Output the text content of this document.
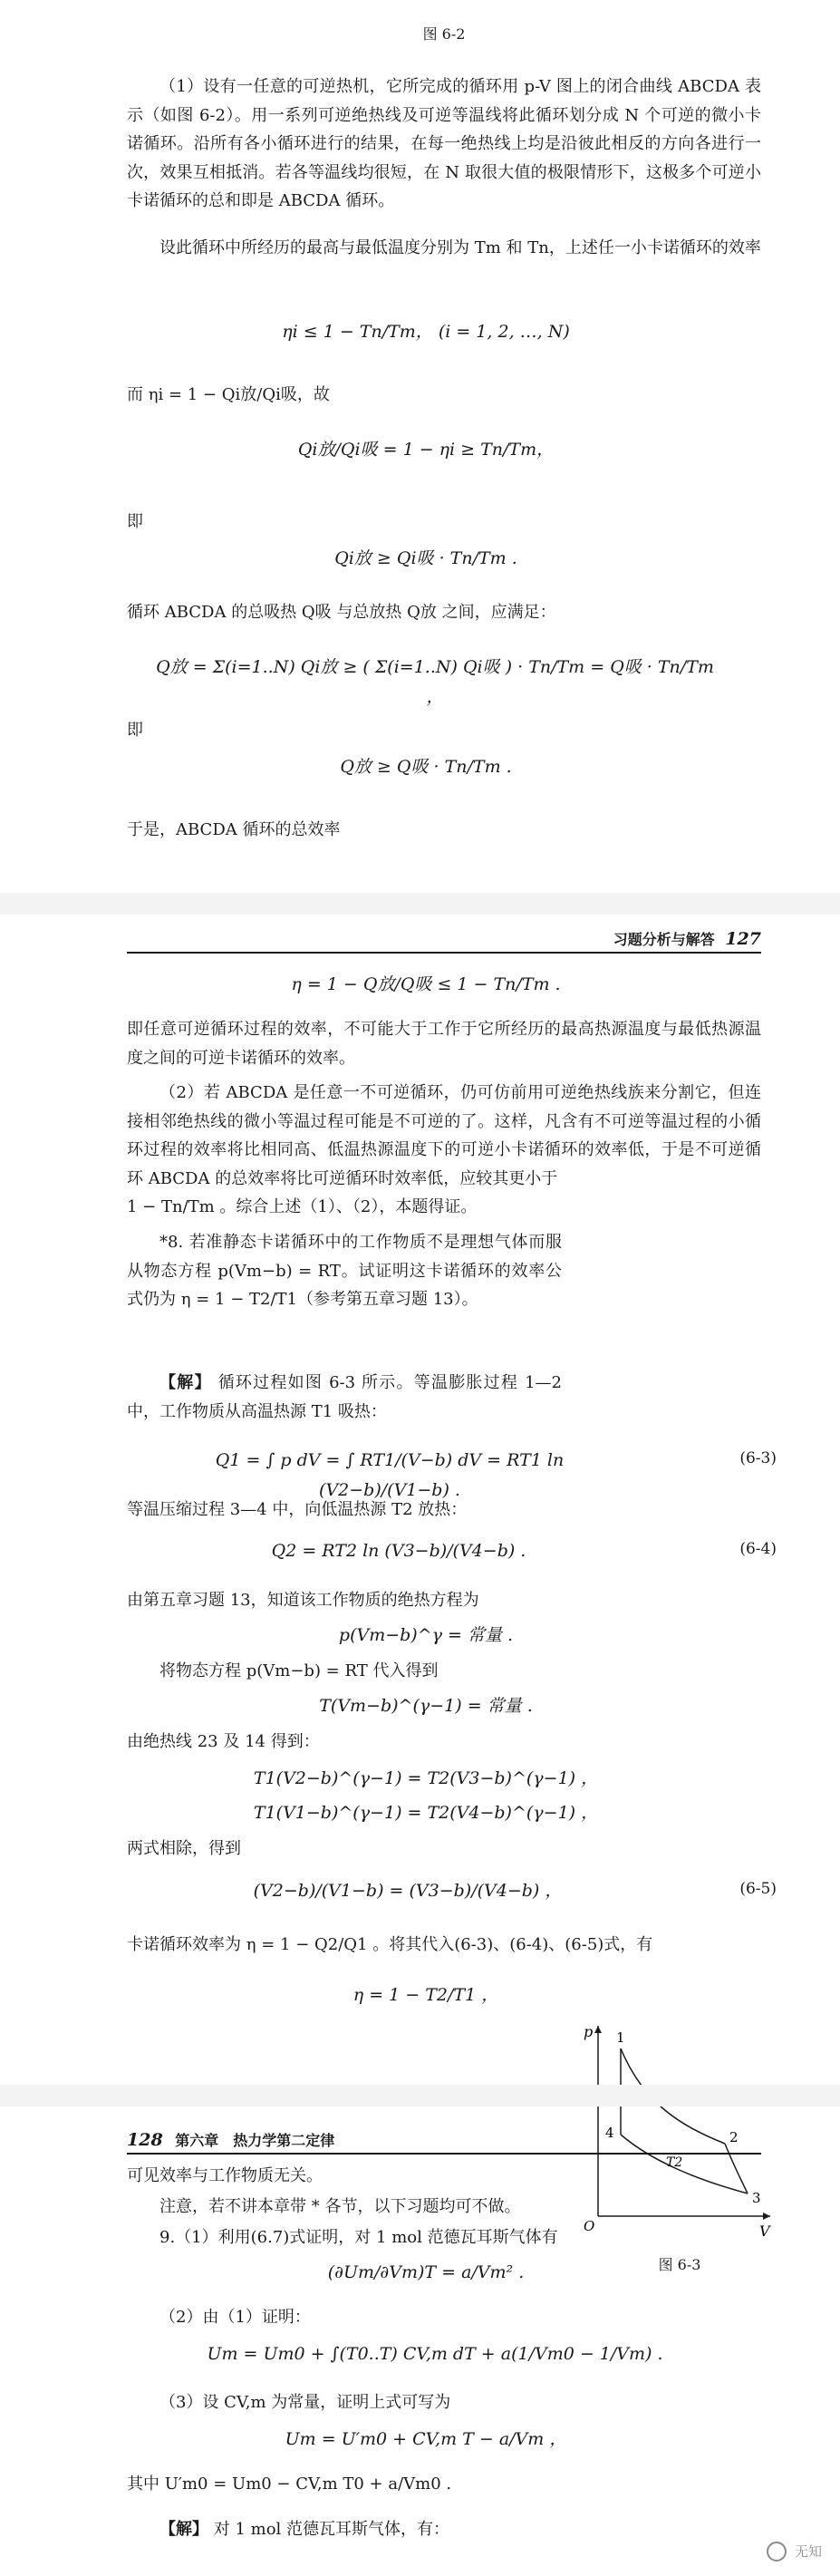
图 6-2

（1）设有一任意的可逆热机，它所完成的循环用 p-V 图上的闭合曲线 ABCDA 表示（如图 6-2）。用一系列可逆绝热线及可逆等温线将此循环划分成 N 个可逆的微小卡诺循环。沿所有各小循环进行的结果，在每一绝热线上均是沿彼此相反的方向各进行一次，效果互相抵消。若各等温线均很短，在 N 取很大值的极限情形下，这极多个可逆小卡诺循环的总和即是 ABCDA 循环。

设此循环中所经历的最高与最低温度分别为 Tm 和 Tn，上述任一小卡诺循环的效率

ηi ≤ 1 − Tn/Tm， (i = 1, 2, …, N)
而 ηi = 1 − Qi放/Qi吸，故
Qi放/Qi吸 = 1 − ηi ≥ Tn/Tm，
即
Qi放 ≥ Qi吸 · Tn/Tm .

循环 ABCDA 的总吸热 Q吸 与总放热 Q放 之间，应满足：

Q放 = Σ(i=1..N) Qi放 ≥ ( Σ(i=1..N) Qi吸 ) · Tn/Tm = Q吸 · Tn/Tm ，
即
Q放 ≥ Q吸 · Tn/Tm .

于是，ABCDA 循环的总效率

习题分析与解答 127
η = 1 − Q放/Q吸 ≤ 1 − Tn/Tm .

即任意可逆循环过程的效率，不可能大于工作于它所经历的最高热源温度与最低热源温度之间的可逆卡诺循环的效率。

（2）若 ABCDA 是任意一不可逆循环，仍可仿前用可逆绝热线族来分割它，但连接相邻绝热线的微小等温过程可能是不可逆的了。这样，凡含有不可逆等温过程的小循环过程的效率将比相同高、低温热源温度下的可逆小卡诺循环的效率低，于是不可逆循环 ABCDA 的总效率将比可逆循环时效率低，应较其更小于

1 − Tn/Tm 。综合上述（1）、（2），本题得证。

*8. 若准静态卡诺循环中的工作物质不是理想气体而服从物态方程 p(Vm−b) = RT。试证明这卡诺循环的效率公式仍为 η = 1 − T2/T1（参考第五章习题 13）。

p
V
O
1
2
3
4
T2
图 6-3
【解】 循环过程如图 6-3 所示。等温膨胀过程 1—2 中，工作物质从高温热源 T1 吸热：
Q1 = ∫ p dV = ∫ RT1/(V−b) dV = RT1 ln (V2−b)/(V1−b) .
(6-3)

等温压缩过程 3—4 中，向低温热源 T2 放热：

Q2 = RT2 ln (V3−b)/(V4−b) .	(6-4)

由第五章习题 13，知道该工作物质的绝热方程为

p(Vm−b)^γ = 常量 .

将物态方程 p(Vm−b) = RT 代入得到

T(Vm−b)^(γ−1) = 常量 .

由绝热线 23 及 14 得到：

T1(V2−b)^(γ−1) = T2(V3−b)^(γ−1) ，
T1(V1−b)^(γ−1) = T2(V4−b)^(γ−1) ，

两式相除，得到

(V2−b)/(V1−b) = (V3−b)/(V4−b) ，	(6-5)

卡诺循环效率为 η = 1 − Q2/Q1 。将其代入(6-3)、(6-4)、(6-5)式，有

η = 1 − T2/T1 ，
128 第六章　热力学第二定律

可见效率与工作物质无关。

注意，若不讲本章带 * 各节，以下习题均可不做。

9.（1）利用(6.7)式证明，对 1 mol 范德瓦耳斯气体有

(∂Um/∂Vm)T = a/Vm² .

（2）由（1）证明：

Um = Um0 + ∫(T0..T) CV,m dT + a(1/Vm0 − 1/Vm) .

（3）设 CV,m 为常量，证明上式可写为

Um = U′m0 + CV,m T − a/Vm ，

其中 U′m0 = Um0 − CV,m T0 + a/Vm0 .

【解】 对 1 mol 范德瓦耳斯气体，有：
无知
